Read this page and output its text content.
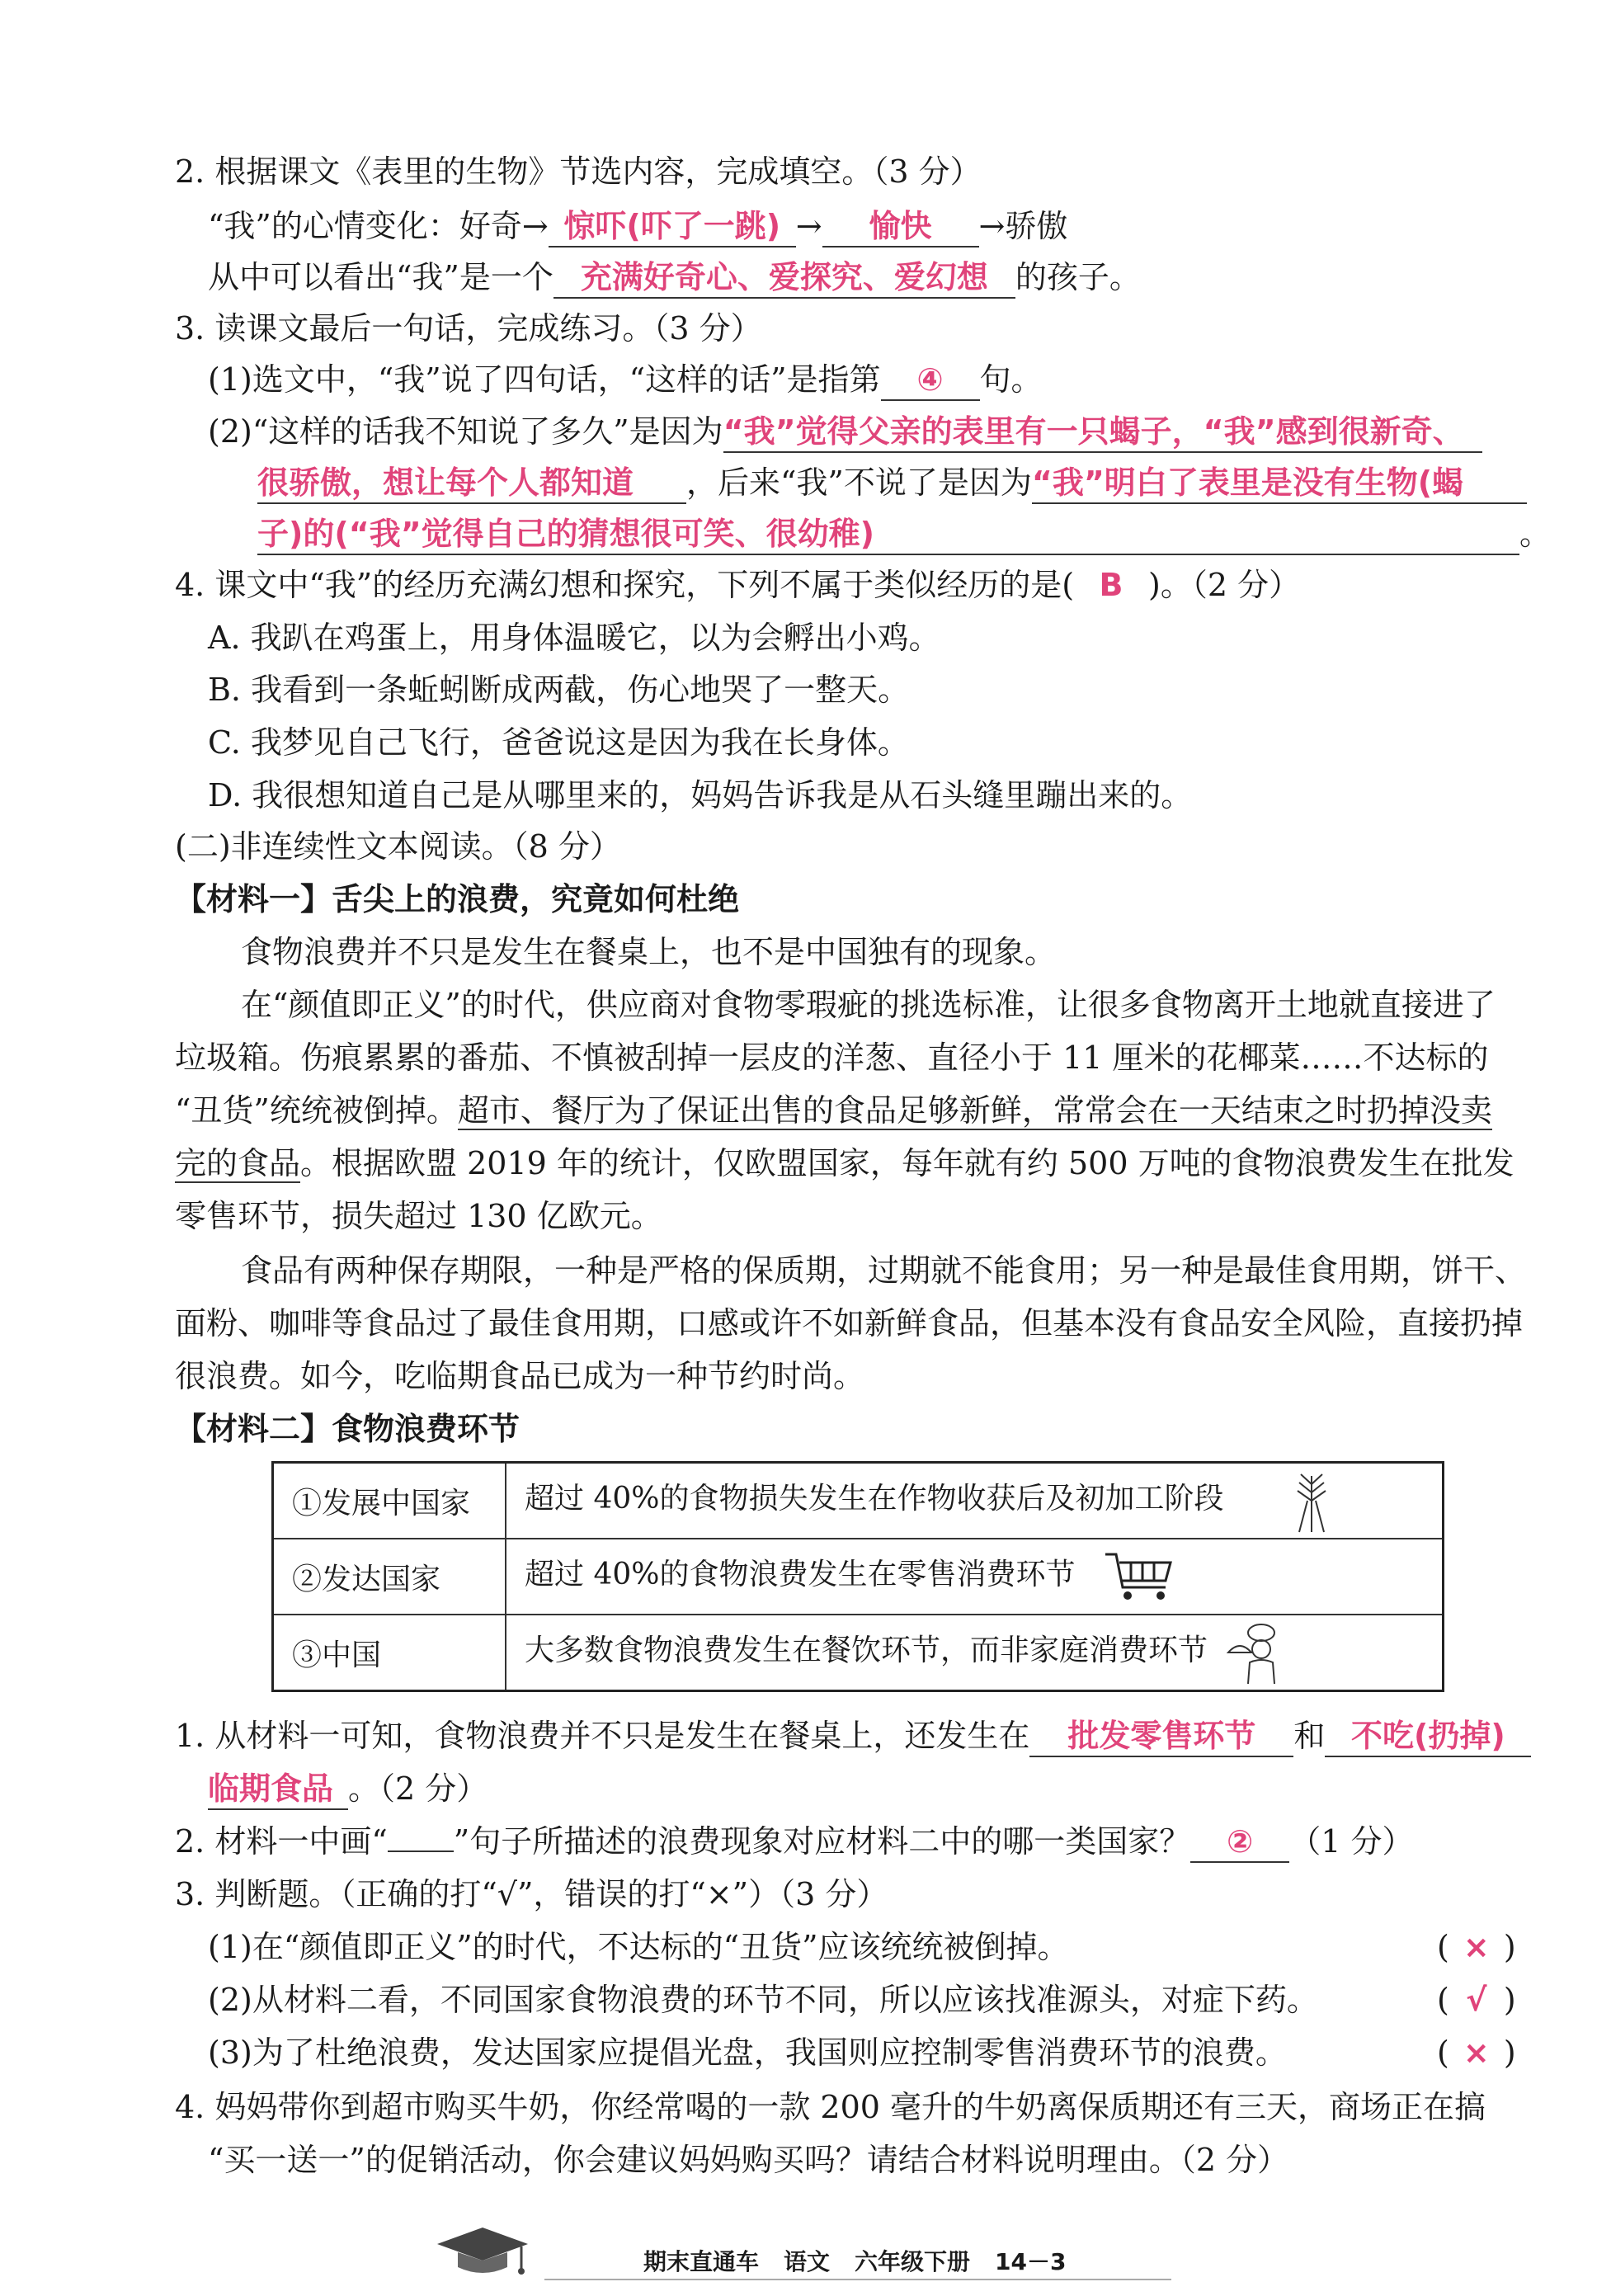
2. 根据课文《表里的生物》节选内容，完成填空。（3 分）
“我”的心情变化：好奇→ 惊吓(吓了一跳) → 愉快 →骄傲
从中可以看出“我”是一个 充满好奇心、爱探究、爱幻想 的孩子。
3. 读课文最后一句话，完成练习。（3 分）
(1)选文中，“我”说了四句话，“这样的话”是指第 ④ 句。
(2)“这样的话我不知说了多久”是因为“我”觉得父亲的表里有一只蝎子，“我”感到很新奇、
很骄傲，想让每个人都知道 ，后来“我”不说了是因为“我”明白了表里是没有生物(蝎
子)的(“我”觉得自己的猜想很可笑、很幼稚)	。
4. 课文中“我”的经历充满幻想和探究，下列不属于类似经历的是( B )。（2 分）
A. 我趴在鸡蛋上，用身体温暖它，以为会孵出小鸡。
B. 我看到一条蚯蚓断成两截，伤心地哭了一整天。
C. 我梦见自己飞行，爸爸说这是因为我在长身体。
D. 我很想知道自己是从哪里来的，妈妈告诉我是从石头缝里蹦出来的。
(二)非连续性文本阅读。（8 分）
【材料一】舌尖上的浪费，究竟如何杜绝
食物浪费并不只是发生在餐桌上，也不是中国独有的现象。
在“颜值即正义”的时代，供应商对食物零瑕疵的挑选标准，让很多食物离开土地就直接进了
垃圾箱。伤痕累累的番茄、不慎被刮掉一层皮的洋葱、直径小于 11 厘米的花椰菜……不达标的
“丑货”统统被倒掉。超市、餐厅为了保证出售的食品足够新鲜，常常会在一天结束之时扔掉没卖
完的食品。根据欧盟 2019 年的统计，仅欧盟国家，每年就有约 500 万吨的食物浪费发生在批发
零售环节，损失超过 130 亿欧元。
食品有两种保存期限，一种是严格的保质期，过期就不能食用；另一种是最佳食用期，饼干、
面粉、咖啡等食品过了最佳食用期，口感或许不如新鲜食品，但基本没有食品安全风险，直接扔掉
很浪费。如今，吃临期食品已成为一种节约时尚。
【材料二】食物浪费环节
①发展中国家	超过 40%的食物损失发生在作物收获后及初加工阶段
②发达国家	超过 40%的食物浪费发生在零售消费环节
③中国	大多数食物浪费发生在餐饮环节，而非家庭消费环节
1. 从材料一可知，食物浪费并不只是发生在餐桌上，还发生在 批发零售环节 和 不吃(扔掉)
临期食品 。（2 分）
2. 材料一中画“ ”句子所描述的浪费现象对应材料二中的哪一类国家？ ② （1 分）
3. 判断题。（正确的打“√”，错误的打“×”）（3 分）
(1)在“颜值即正义”的时代，不达标的“丑货”应该统统被倒掉。	( × )
(2)从材料二看，不同国家食物浪费的环节不同，所以应该找准源头，对症下药。	( √ )
(3)为了杜绝浪费，发达国家应提倡光盘，我国则应控制零售消费环节的浪费。	( × )
4. 妈妈带你到超市购买牛奶，你经常喝的一款 200 毫升的牛奶离保质期还有三天，商场正在搞
“买一送一”的促销活动，你会建议妈妈购买吗？请结合材料说明理由。（2 分）
期末直通车 语文 六年级下册 14－3
